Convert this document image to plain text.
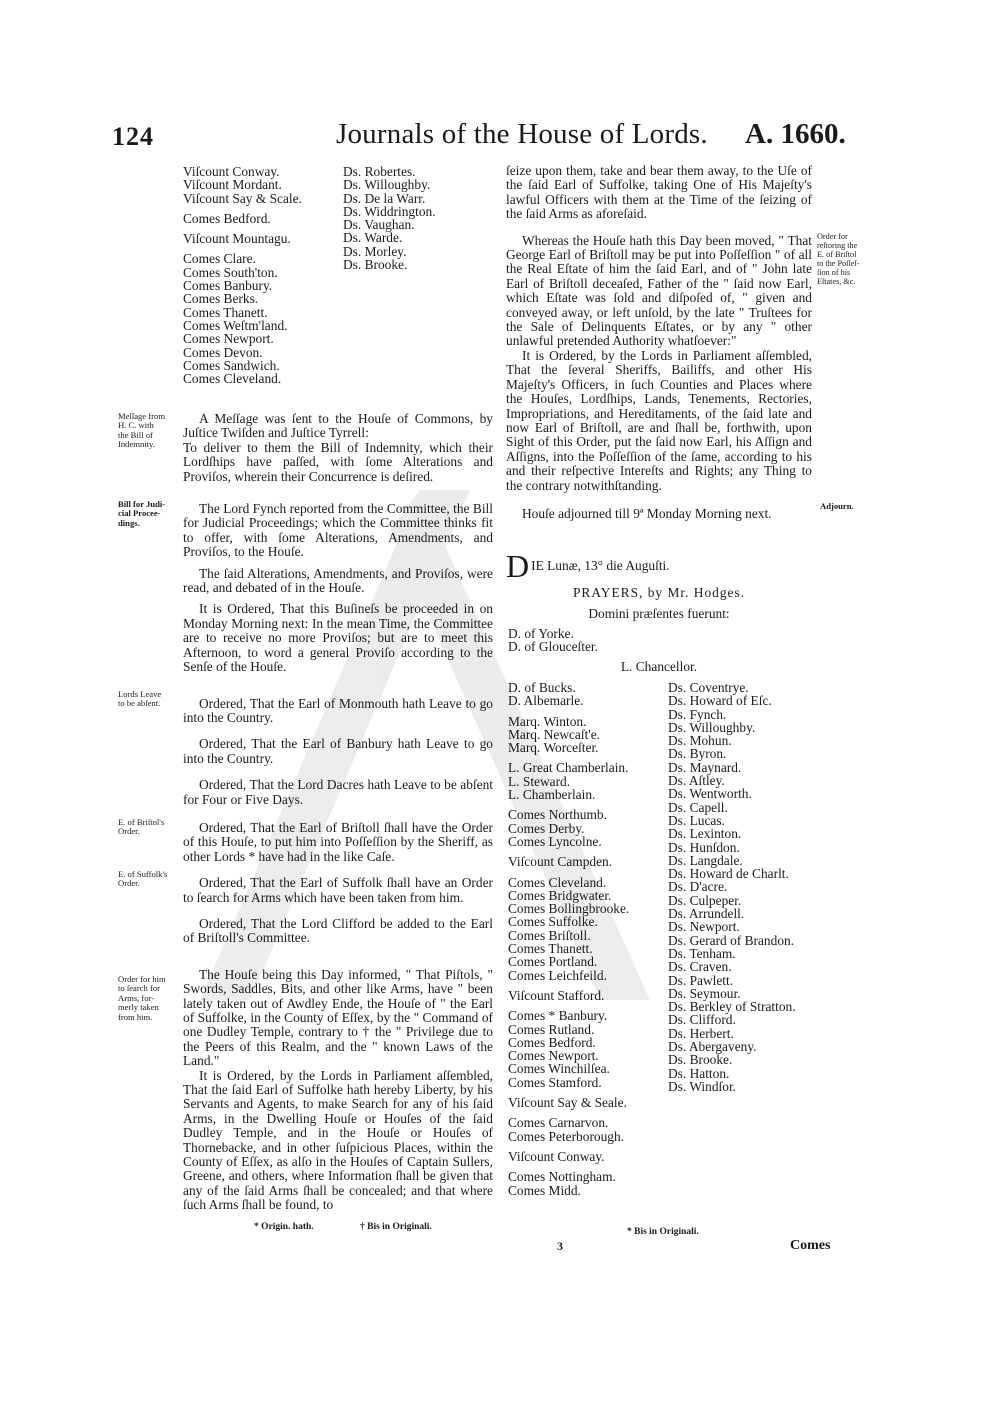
124	Journals of the House of Lords. A. 1660.
Viſcount Conway.
Viſcount Mordant.
Viſcount Say & Scale.
Comes Bedford.
Viſcount Mountagu.
Comes Clare.
Comes South'ton.
Comes Banbury.
Comes Berks.
Comes Thanett.
Comes Weſtm'land.
Comes Newport.
Comes Devon.
Comes Sandwich.
Comes Cleveland.
Ds. Robertes.
Ds. Willoughby.
Ds. De la Warr.
Ds. Widdrington.
Ds. Vaughan.
Ds. Warde.
Ds. Morley.
Ds. Brooke.
Meſſage from
H. C. with
the Bill of
Indemnity.
Bill for Judi-
cial Procee-
dings.
Lords Leave
to be abſent.
E. of Briſtol's
Order.
E. of Suffolk's
Order.
Order for him
to ſearch for
Arms, for-
merly taken
from him.

A Meſſage was ſent to the Houſe of Commons, by Juſtice Twiſden and Juſtice Tyrrell:

To deliver to them the Bill of Indemnity, which their Lordſhips have paſſed, with ſome Alterations and Proviſos, wherein their Concurrence is deſired.

The Lord Fynch reported from the Committee, the Bill for Judicial Proceedings; which the Committee thinks fit to offer, with ſome Alterations, Amendments, and Proviſos, to the Houſe.

The ſaid Alterations, Amendments, and Proviſos, were read, and debated of in the Houſe.

It is Ordered, That this Buſineſs be proceeded in on Monday Morning next: In the mean Time, the Committee are to receive no more Proviſos; but are to meet this Afternoon, to word a general Proviſo according to the Senſe of the Houſe.

Ordered, That the Earl of Monmouth hath Leave to go into the Country.

Ordered, That the Earl of Banbury hath Leave to go into the Country.

Ordered, That the Lord Dacres hath Leave to be abſent for Four or Five Days.

Ordered, That the Earl of Briſtoll ſhall have the Order of this Houſe, to put him into Poſſeſſion by the Sheriff, as other Lords * have had in the like Caſe.

Ordered, That the Earl of Suffolk ſhall have an Order to ſearch for Arms which have been taken from him.

Ordered, That the Lord Clifford be added to the Earl of Briſtoll's Committee.

The Houſe being this Day informed, " That Piſtols, " Swords, Saddles, Bits, and other like Arms, have " been lately taken out of Awdley Ende, the Houſe of " the Earl of Suffolke, in the County of Eſſex, by the " Command of one Dudley Temple, contrary to † the " Privilege due to the Peers of this Realm, and the " known Laws of the Land."

It is Ordered, by the Lords in Parliament aſſembled, That the ſaid Earl of Suffolke hath hereby Liberty, by his Servants and Agents, to make Search for any of his ſaid Arms, in the Dwelling Houſe or Houſes of the ſaid Dudley Temple, and in the Houſe or Houſes of Thornebacke, and in other ſuſpicious Places, within the County of Eſſex, as alſo in the Houſes of Captain Sullers, Greene, and others, where Information ſhall be given that any of the ſaid Arms ſhall be concealed; and that where ſuch Arms ſhall be found, to

* Origin. hath.	† Bis in Originali.

ſeize upon them, take and bear them away, to the Uſe of the ſaid Earl of Suffolke, taking One of His Majeſty's lawful Officers with them at the Time of the ſeizing of the ſaid Arms as aforeſaid.

Whereas the Houſe hath this Day been moved, " That George Earl of Briſtoll may be put into Poſſeſſion " of all the Real Eſtate of him the ſaid Earl, and of " John late Earl of Briſtoll deceaſed, Father of the " ſaid now Earl, which Eſtate was ſold and diſpoſed of, " given and conveyed away, or left unſold, by the late " Truſtees for the Sale of Delinquents Eſtates, or by any " other unlawful pretended Authority whatſoever:"

It is Ordered, by the Lords in Parliament aſſembled, That the ſeveral Sheriffs, Bailiffs, and other His Majeſty's Officers, in ſuch Counties and Places where the Houſes, Lordſhips, Lands, Tenements, Rectories, Impropriations, and Hereditaments, of the ſaid late and now Earl of Briſtoll, are and ſhall be, forthwith, upon Sight of this Order, put the ſaid now Earl, his Aſſign and Aſſigns, into the Poſſeſſion of the ſame, according to his and their reſpective Intereſts and Rights; any Thing to the contrary notwithſtanding.

Houſe adjourned till 9ª Monday Morning next.

Order for
reſtoring the
E. of Briſtol
to the Poſſeſ-
ſion of his
Eſtates, &c.
Adjourn.
D IE Lunæ, 13° die Auguſti.
PRAYERS, by Mr. Hodges.
Domini præſentes fuerunt:
D. of Yorke.
D. of Glouceſter.
L. Chancellor.
D. of Bucks.
D. Albemarle.
Marq. Winton.
Marq. Newcaſt'e.
Marq. Worceſter.
L. Great Chamberlain.
L. Steward.
L. Chamberlain.
Comes Northumb.
Comes Derby.
Comes Lyncolne.
Viſcount Campden.
Comes Cleveland.
Comes Bridgwater.
Comes Bollingbrooke.
Comes Suffolke.
Comes Briſtoll.
Comes Thanett.
Comes Portland.
Comes Leichfeild.
Viſcount Stafford.
Comes * Banbury.
Comes Rutland.
Comes Bedford.
Comes Newport.
Comes Winchilſea.
Comes Stamford.
Viſcount Say & Seale.
Comes Carnarvon.
Comes Peterborough.
Viſcount Conway.
Comes Nottingham.
Comes Midd.
Ds. Coventrye.
Ds. Howard of Eſc.
Ds. Fynch.
Ds. Willoughby.
Ds. Mohun.
Ds. Byron.
Ds. Maynard.
Ds. Aſtley.
Ds. Wentworth.
Ds. Capell.
Ds. Lucas.
Ds. Lexinton.
Ds. Hunſdon.
Ds. Langdale.
Ds. Howard de Charlt.
Ds. D'acre.
Ds. Culpeper.
Ds. Arrundell.
Ds. Newport.
Ds. Gerard of Brandon.
Ds. Tenham.
Ds. Craven.
Ds. Pawlett.
Ds. Seymour.
Ds. Berkley of Stratton.
Ds. Clifford.
Ds. Herbert.
Ds. Abergaveny.
Ds. Brooke.
Ds. Hatton.
Ds. Windſor.
* Bis in Originali.
3	Comes
